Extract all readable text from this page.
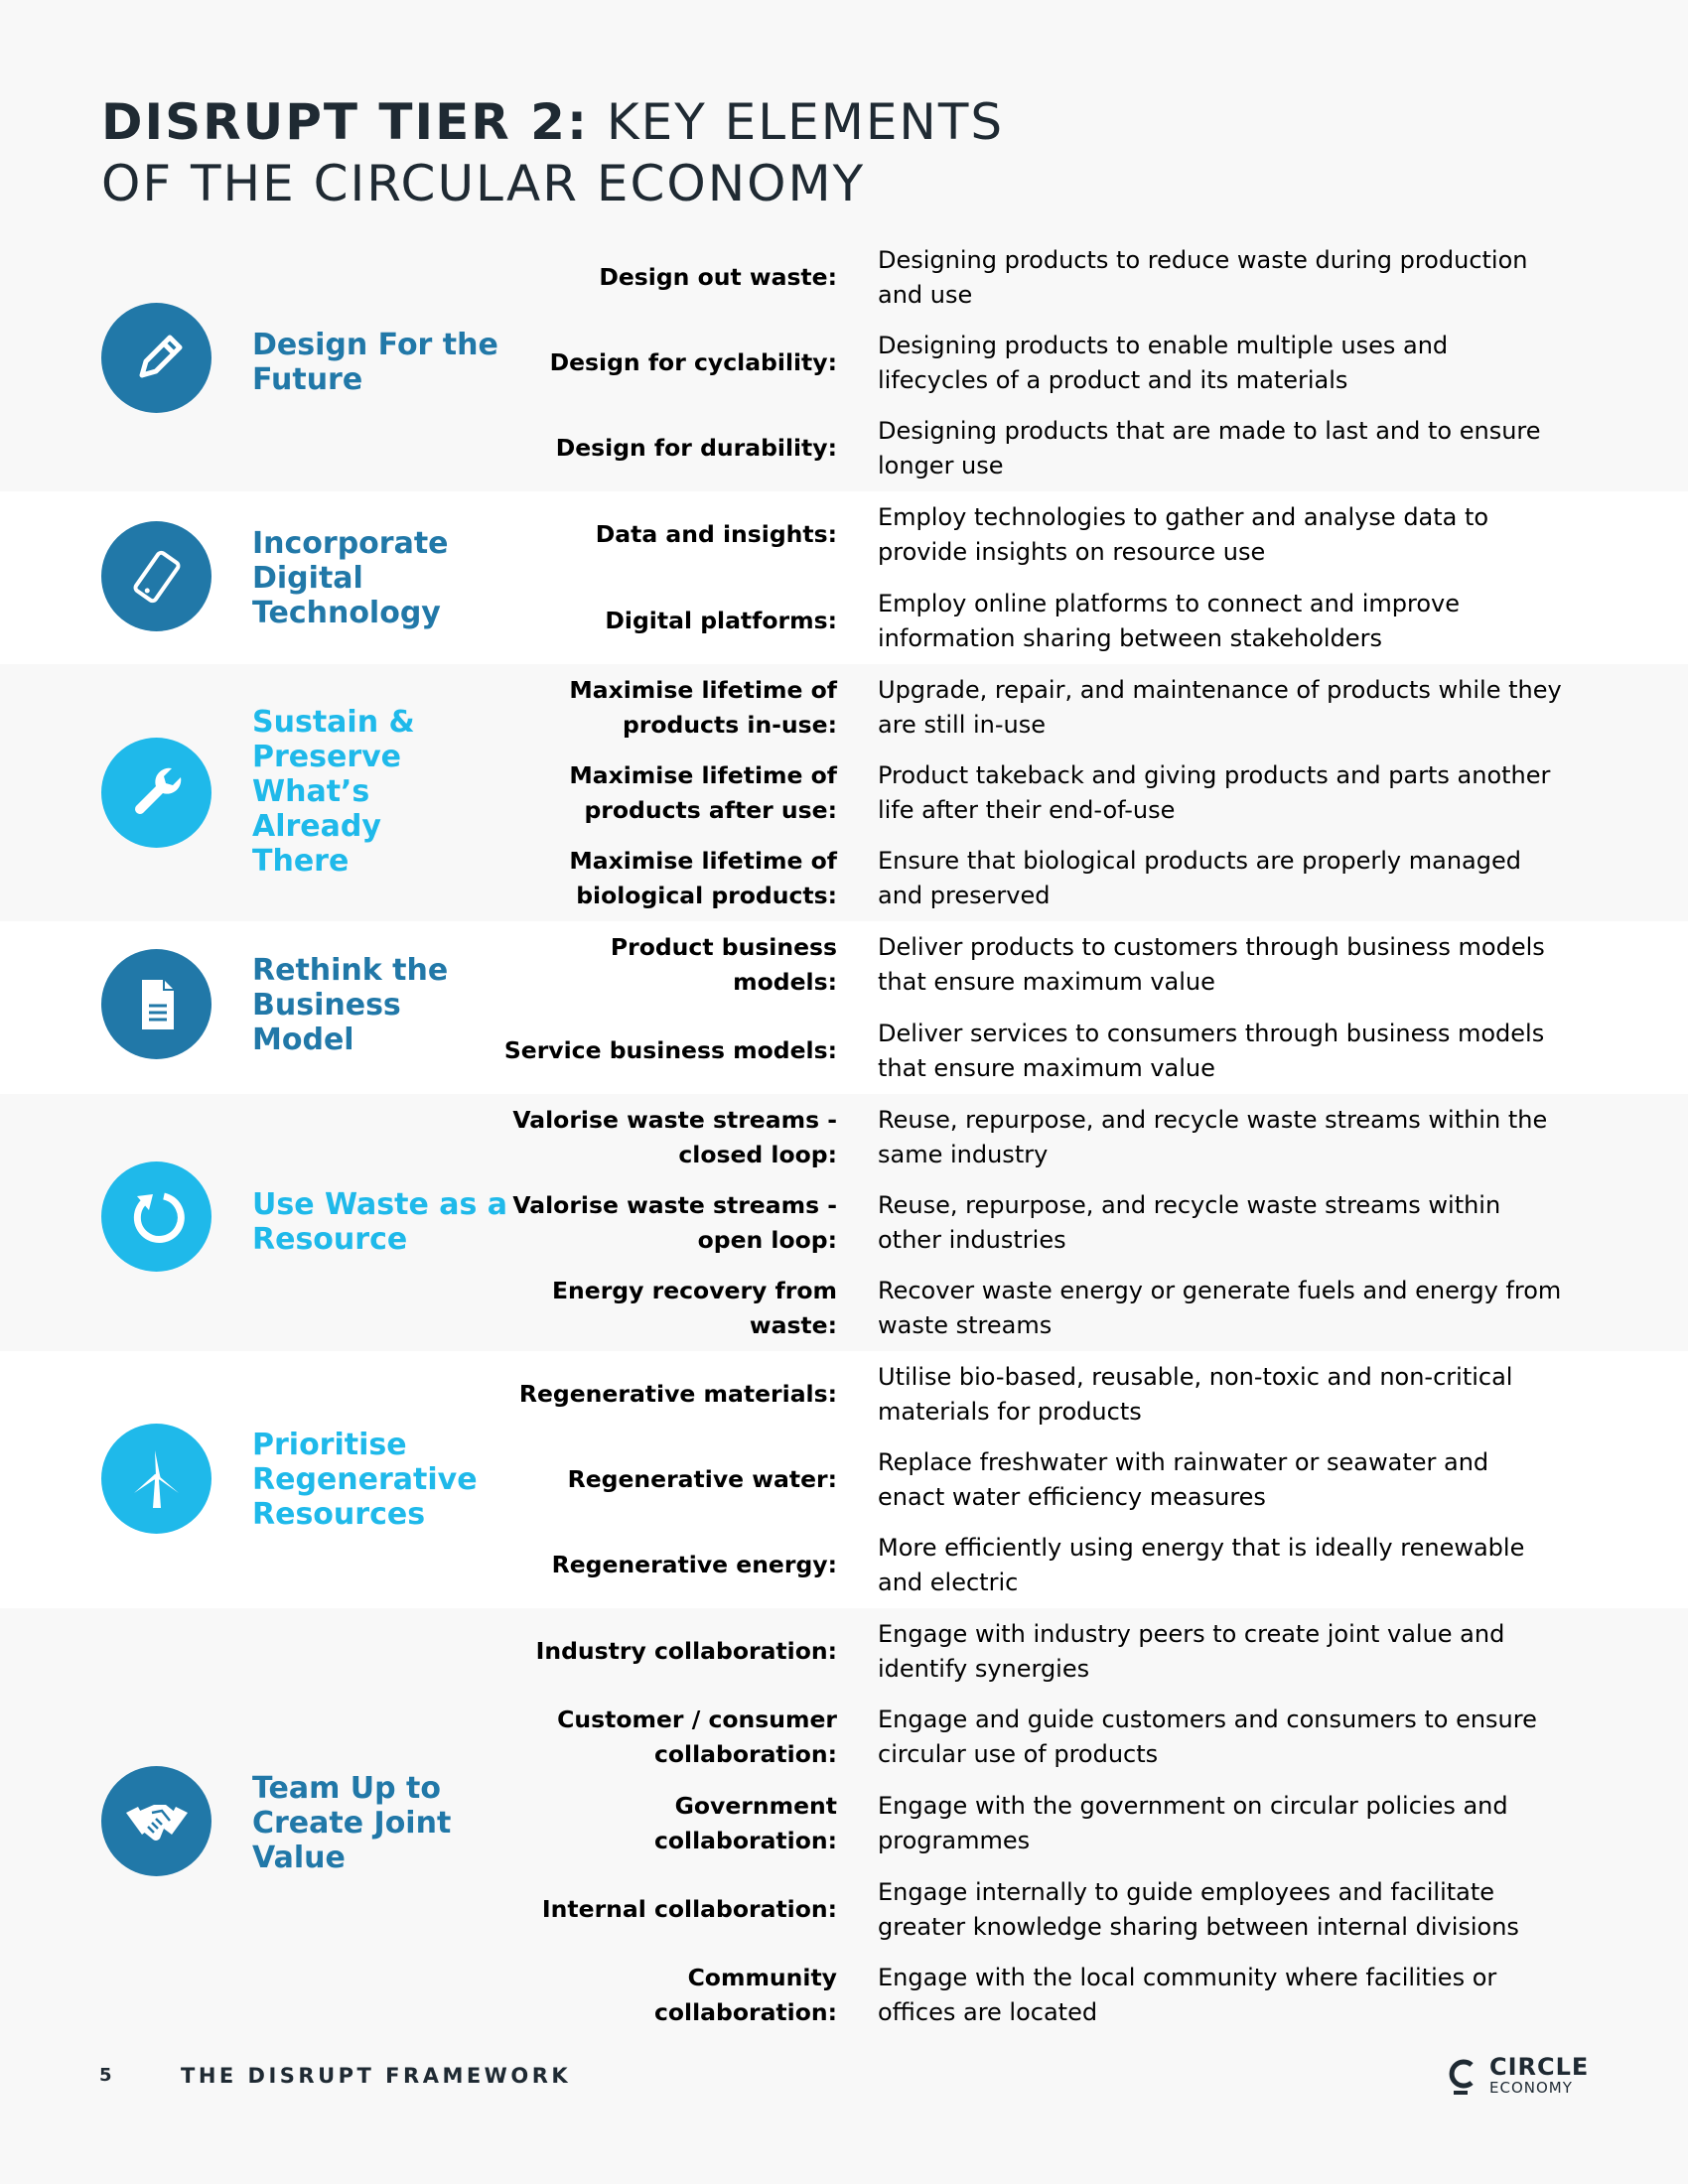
DISRUPT TIER 2: KEY ELEMENTS
OF THE CIRCULAR ECONOMY
Design For the Future
Design out waste:
Designing products to reduce waste during production and use
Design for cyclability:
Designing products to enable multiple uses and lifecycles of a product and its materials
Design for durability:
Designing products that are made to last and to ensure longer use
Incorporate Digital Technology
Data and insights:
Employ technologies to gather and analyse data to provide insights on resource use
Digital platforms:
Employ online platforms to connect and improve information sharing between stakeholders
Sustain & Preserve What’s Already There
Maximise lifetime of products in-use:
Upgrade, repair, and maintenance of products while they are still in-use
Maximise lifetime of products after use:
Product takeback and giving products and parts another life after their end-of-use
Maximise lifetime of biological products:
Ensure that biological products are properly managed and preserved
Rethink the Business Model
Product business models:
Deliver products to customers through business models that ensure maximum value
Service business models:
Deliver services to consumers through business models that ensure maximum value
Use Waste as a Resource
Valorise waste streams - closed loop:
Reuse, repurpose, and recycle waste streams within the same industry
Valorise waste streams - open loop:
Reuse, repurpose, and recycle waste streams within other industries
Energy recovery from waste:
Recover waste energy or generate fuels and energy from waste streams
Prioritise Regenerative Resources
Regenerative materials:
Utilise bio-based, reusable, non-toxic and non-critical materials for products
Regenerative water:
Replace freshwater with rainwater or seawater and enact water efficiency measures
Regenerative energy:
More efficiently using energy that is ideally renewable and electric
Team Up to Create Joint Value
Industry collaboration:
Engage with industry peers to create joint value and identify synergies
Customer / consumer collaboration:
Engage and guide customers and consumers to ensure circular use of products
Government collaboration:
Engage with the government on circular policies and programmes
Internal collaboration:
Engage internally to guide employees and facilitate greater knowledge sharing between internal divisions
Community collaboration:
Engage with the local community where facilities or offices are located
5	THE DISRUPT FRAMEWORK	CIRCLE
ECONOMY
